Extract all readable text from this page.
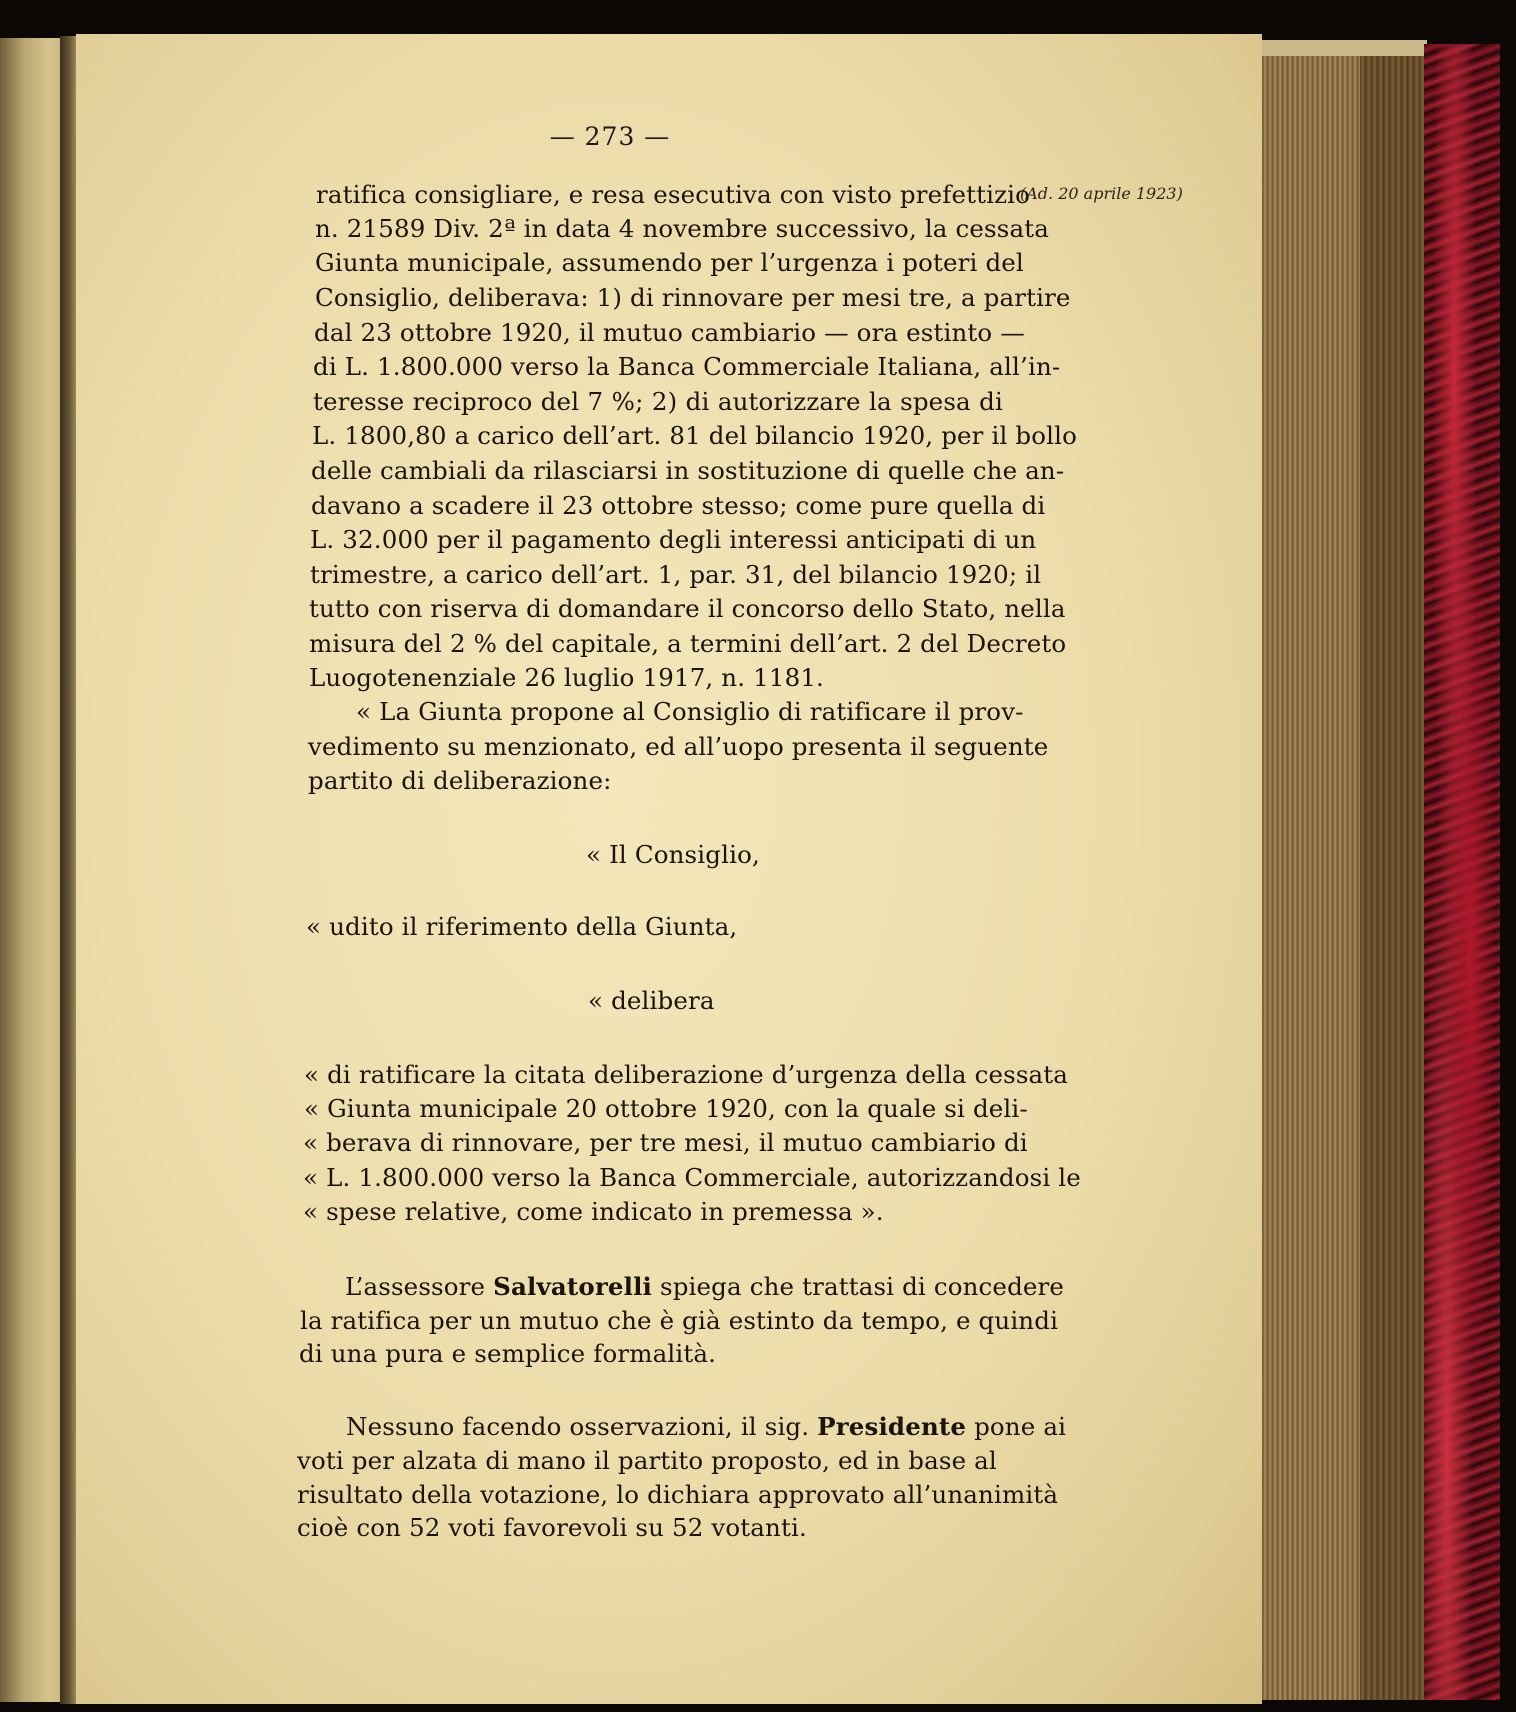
— 273 —
(Ad. 20 aprile 1923)
ratifica consigliare, e resa esecutiva con visto prefettizio
n. 21589 Div. 2ª in data 4 novembre successivo, la cessata
Giunta municipale, assumendo per l’urgenza i poteri del
Consiglio, deliberava: 1) di rinnovare per mesi tre, a partire
dal 23 ottobre 1920, il mutuo cambiario — ora estinto —
di L. 1.800.000 verso la Banca Commerciale Italiana, all’in-
teresse reciproco del 7 %; 2) di autorizzare la spesa di
L. 1800,80 a carico dell’art. 81 del bilancio 1920, per il bollo
delle cambiali da rilasciarsi in sostituzione di quelle che an-
davano a scadere il 23 ottobre stesso; come pure quella di
L. 32.000 per il pagamento degli interessi anticipati di un
trimestre, a carico dell’art. 1, par. 31, del bilancio 1920; il
tutto con riserva di domandare il concorso dello Stato, nella
misura del 2 % del capitale, a termini dell’art. 2 del Decreto
Luogotenenziale 26 luglio 1917, n. 1181.
« La Giunta propone al Consiglio di ratificare il prov-
vedimento su menzionato, ed all’uopo presenta il seguente
partito di deliberazione:
« Il Consiglio,
« udito il riferimento della Giunta,
« delibera
« di ratificare la citata deliberazione d’urgenza della cessata
« Giunta municipale 20 ottobre 1920, con la quale si deli-
« berava di rinnovare, per tre mesi, il mutuo cambiario di
« L. 1.800.000 verso la Banca Commerciale, autorizzandosi le
« spese relative, come indicato in premessa ».
L’assessore Salvatorelli spiega che trattasi di concedere
la ratifica per un mutuo che è già estinto da tempo, e quindi
di una pura e semplice formalità.
Nessuno facendo osservazioni, il sig. Presidente pone ai
voti per alzata di mano il partito proposto, ed in base al
risultato della votazione, lo dichiara approvato all’unanimità
cioè con 52 voti favorevoli su 52 votanti.
